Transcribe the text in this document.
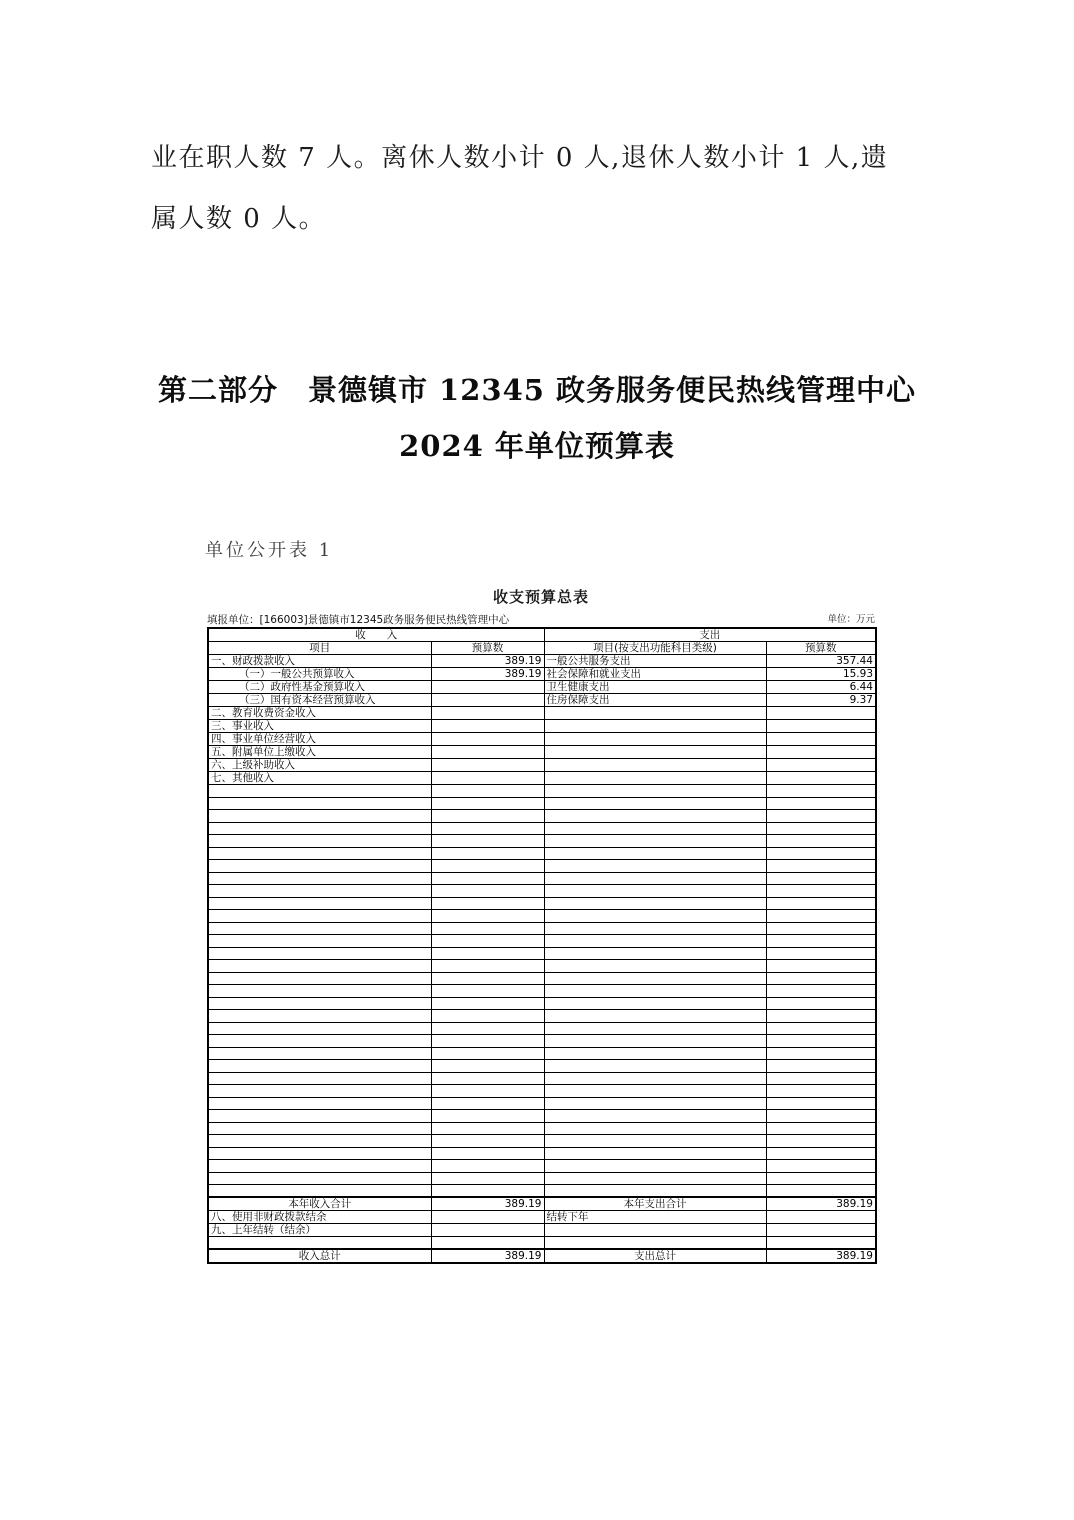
业在职人数 7 人。离休人数小计 0 人,退休人数小计 1 人,遗
属人数 0 人。
第二部分　景德镇市 12345 政务服务便民热线管理中心
2024 年单位预算表
单位公开表 1
收支预算总表
填报单位：[166003]景德镇市12345政务服务便民热线管理中心	单位：万元
收　　入		支出	
项目	预算数	项目(按支出功能科目类级)	预算数
一、财政拨款收入	389.19	一般公共服务支出	357.44
（一）一般公共预算收入	389.19	社会保障和就业支出	15.93
（二）政府性基金预算收入		卫生健康支出	6.44
（三）国有资本经营预算收入		住房保障支出	9.37
二、教育收费资金收入			
三、事业收入			
四、事业单位经营收入			
五、附属单位上缴收入			
六、上级补助收入			
七、其他收入			

本年收入合计	389.19	本年支出合计	389.19
八、使用非财政拨款结余		结转下年	
九、上年结转（结余）			

收入总计	389.19	支出总计	389.19
